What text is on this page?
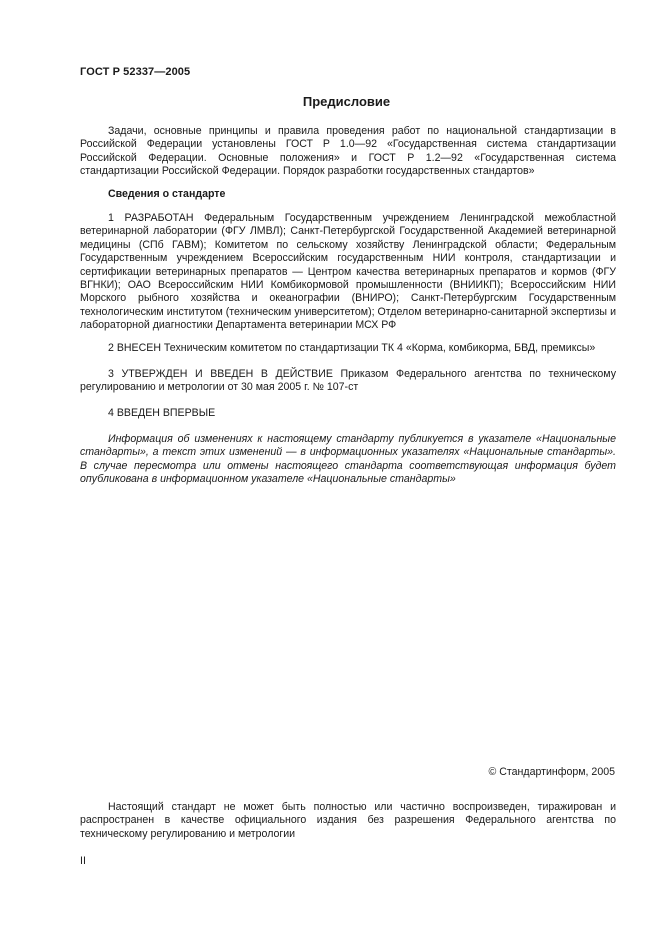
ГОСТ Р 52337—2005
Предисловие

Задачи, основные принципы и правила проведения работ по национальной стандартизации в Российской Федерации установлены ГОСТ Р 1.0—92 «Государственная система стандартизации Российской Федерации. Основные положения» и ГОСТ Р 1.2—92 «Государственная система стандартизации Российской Федерации. Порядок разработки государственных стандартов»

Сведения о стандарте

1 РАЗРАБОТАН Федеральным Государственным учреждением Ленинградской межобластной ветеринарной лаборатории (ФГУ ЛМВЛ); Санкт-Петербургской Государственной Академией ветеринарной медицины (СПб ГАВМ); Комитетом по сельскому хозяйству Ленинградской области; Федеральным Государственным учреждением Всероссийским государственным НИИ контроля, стандартизации и сертификации ветеринарных препаратов — Центром качества ветеринарных препаратов и кормов (ФГУ ВГНКИ); ОАО Всероссийским НИИ Комбикормовой промышленности (ВНИИКП); Всероссийским НИИ Морского рыбного хозяйства и океанографии (ВНИРО); Санкт-Петербургским Государственным технологическим институтом (техническим университетом); Отделом ветеринарно-санитарной экспертизы и лабораторной диагностики Департамента ветеринарии МСХ РФ

2 ВНЕСЕН Техническим комитетом по стандартизации ТК 4 «Корма, комбикорма, БВД, премиксы»

3 УТВЕРЖДЕН И ВВЕДЕН В ДЕЙСТВИЕ Приказом Федерального агентства по техническому регулированию и метрологии от 30 мая 2005 г. № 107-ст

4 ВВЕДЕН ВПЕРВЫЕ

Информация об изменениях к настоящему стандарту публикуется в указателе «Национальные стандарты», а текст этих изменений — в информационных указателях «Национальные стандарты». В случае пересмотра или отмены настоящего стандарта соответствующая информация будет опубликована в информационном указателе «Национальные стандарты»

© Стандартинформ, 2005

Настоящий стандарт не может быть полностью или частично воспроизведен, тиражирован и распространен в качестве официального издания без разрешения Федерального агентства по техническому регулированию и метрологии

II
